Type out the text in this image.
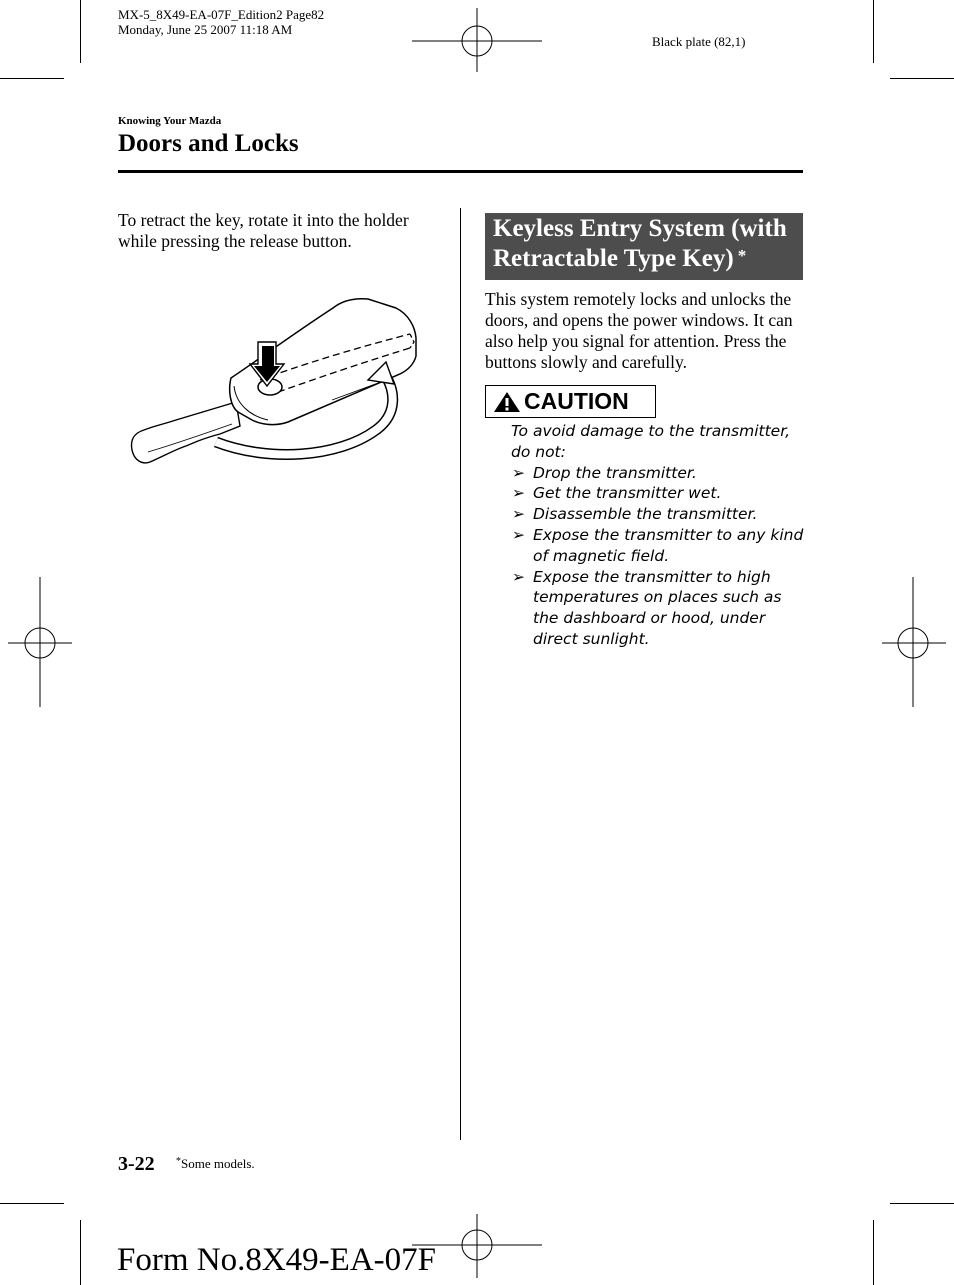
MX-5_8X49-EA-07F_Edition2 Page82
Monday, June 25 2007 11:18 AM
Black plate (82,1)
Knowing Your Mazda
Doors and Locks
To retract the key, rotate it into the holder while pressing the release button.	Keyless Entry System (with Retractable Type Key) *
This system remotely locks and unlocks the doors, and opens the power windows. It can also help you signal for attention. Press the buttons slowly and carefully.
CAUTION
To avoid damage to the transmitter, do not:
➢ Drop the transmitter.
➢ Get the transmitter wet.
➢ Disassemble the transmitter.
➢ Expose the transmitter to any kind of magnetic field.
➢ Expose the transmitter to high temperatures on places such as the dashboard or hood, under direct sunlight.
3-22 *Some models.
Form No.8X49-EA-07F
